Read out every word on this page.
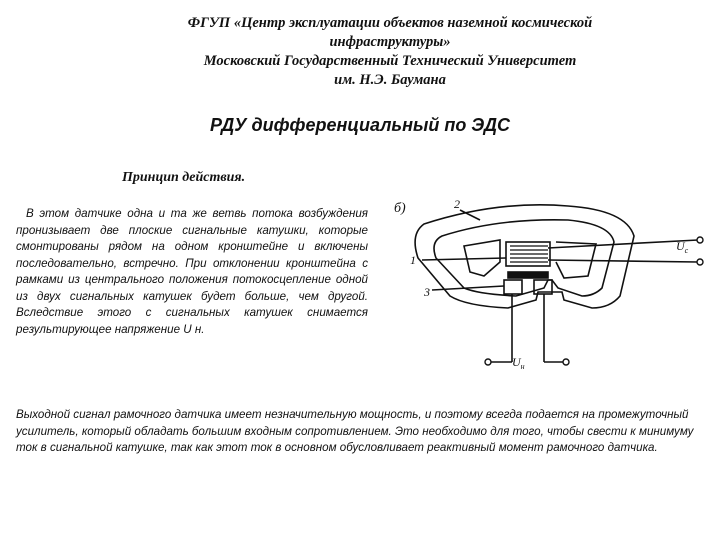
ФГУП «Центр эксплуатации объектов наземной космической
инфраструктуры»
Московский Государственный Технический Университет
им. Н.Э. Баумана
РДУ дифференциальный по ЭДС
Принцип действия.
В этом датчике одна и та же ветвь потока возбуждения пронизывает две плоские сигнальные катушки, которые смонтированы рядом на одном кронштейне и включены последовательно, встречно. При отклонении кронштейна с рамками из центрального положения потокосцепление одной из двух сигнальных катушек будет больше, чем другой. Вследствие этого с сигнальных катушек снимается результирующее напряжение U н.
б)	2
1
3
$U_c$
$U_н$
Выходной сигнал рамочного датчика имеет незначительную мощность, и поэтому всегда подается на промежуточный усилитель, который обладать большим входным сопротивлением. Это необходимо для того, чтобы свести к минимуму ток в сигнальной катушке, так как этот ток в основном обусловливает реактивный момент рамочного датчика.
